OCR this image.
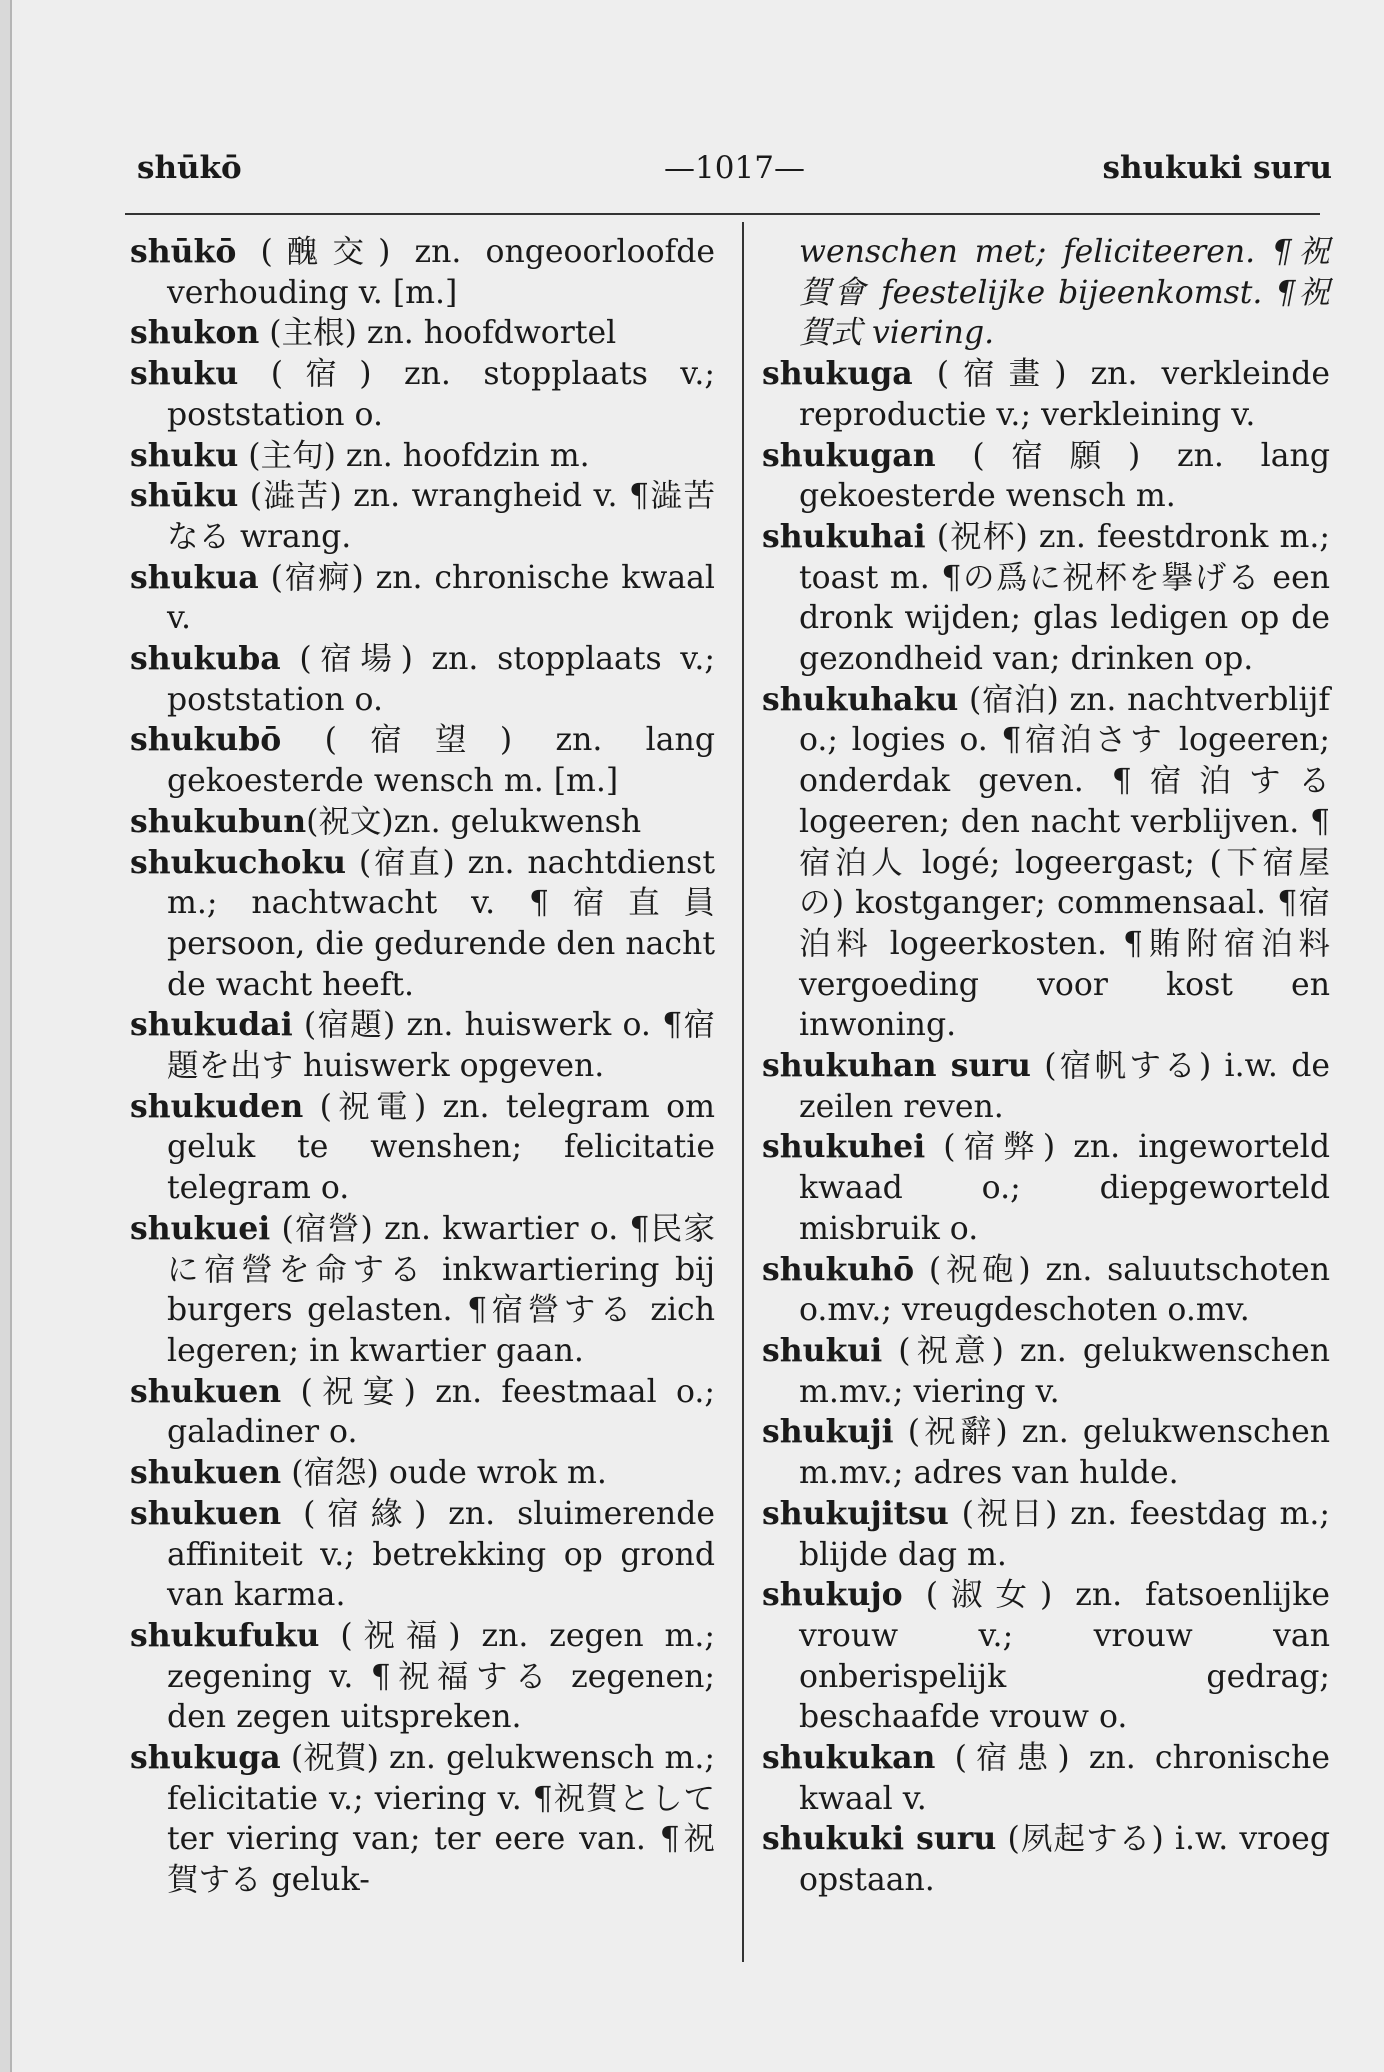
shūkō	—1017—	shukuki suru

shūkō (醜交) zn. ongeoorloofde verhouding v. [m.]

shukon (主根) zn. hoofdwortel

shuku (宿) zn. stopplaats v.; poststation o.

shuku (主句) zn. hoofdzin m.

shūku (澁苦) zn. wrangheid v. ¶澁苦なる wrang.

shukua (宿痾) zn. chronische kwaal v.

shukuba (宿場) zn. stopplaats v.; poststation o.

shukubō (宿望) zn. lang gekoesterde wensch m. [m.]

shukubun(祝文)zn. gelukwensh

shukuchoku (宿直) zn. nachtdienst m.; nachtwacht v. ¶宿直員 persoon, die gedurende den nacht de wacht heeft.

shukudai (宿題) zn. huiswerk o. ¶宿題を出す huiswerk opgeven.

shukuden (祝電) zn. telegram om geluk te wenshen; felicitatie telegram o.

shukuei (宿營) zn. kwartier o. ¶民家に宿營を命する inkwartiering bij burgers gelasten. ¶宿營する zich legeren; in kwartier gaan.

shukuen (祝宴) zn. feestmaal o.; galadiner o.

shukuen (宿怨) oude wrok m.

shukuen (宿緣) zn. sluimerende affiniteit v.; betrekking op grond van karma.

shukufuku (祝福) zn. zegen m.; zegening v. ¶祝福する zegenen; den zegen uitspreken.

shukuga (祝賀) zn. gelukwensch m.; felicitatie v.; viering v. ¶祝賀として ter viering van; ter eere van. ¶祝賀する geluk-

wenschen met; feliciteeren. ¶祝賀會 feestelijke bijeenkomst. ¶祝賀式 viering.

shukuga (宿畫) zn. verkleinde reproductie v.; verkleining v.

shukugan (宿願) zn. lang gekoesterde wensch m.

shukuhai (祝杯) zn. feestdronk m.; toast m. ¶の爲に祝杯を擧げる een dronk wijden; glas ledigen op de gezondheid van; drinken op.

shukuhaku (宿泊) zn. nachtverblijf o.; logies o. ¶宿泊さす logeeren; onderdak geven. ¶宿泊する logeeren; den nacht verblijven. ¶宿泊人 logé; logeergast; (下宿屋の) kostganger; commensaal. ¶宿泊料 logeerkosten. ¶賄附宿泊料 vergoeding voor kost en inwoning.

shukuhan suru (宿帆する) i.w. de zeilen reven.

shukuhei (宿弊) zn. ingeworteld kwaad o.; diepgeworteld misbruik o.

shukuhō (祝砲) zn. saluutschoten o.mv.; vreugdeschoten o.mv.

shukui (祝意) zn. gelukwenschen m.mv.; viering v.

shukuji (祝辭) zn. gelukwenschen m.mv.; adres van hulde.

shukujitsu (祝日) zn. feestdag m.; blijde dag m.

shukujo (淑女) zn. fatsoenlijke vrouw v.; vrouw van onberispelijk gedrag; beschaafde vrouw o.

shukukan (宿患) zn. chronische kwaal v.

shukuki suru (夙起する) i.w. vroeg opstaan.
